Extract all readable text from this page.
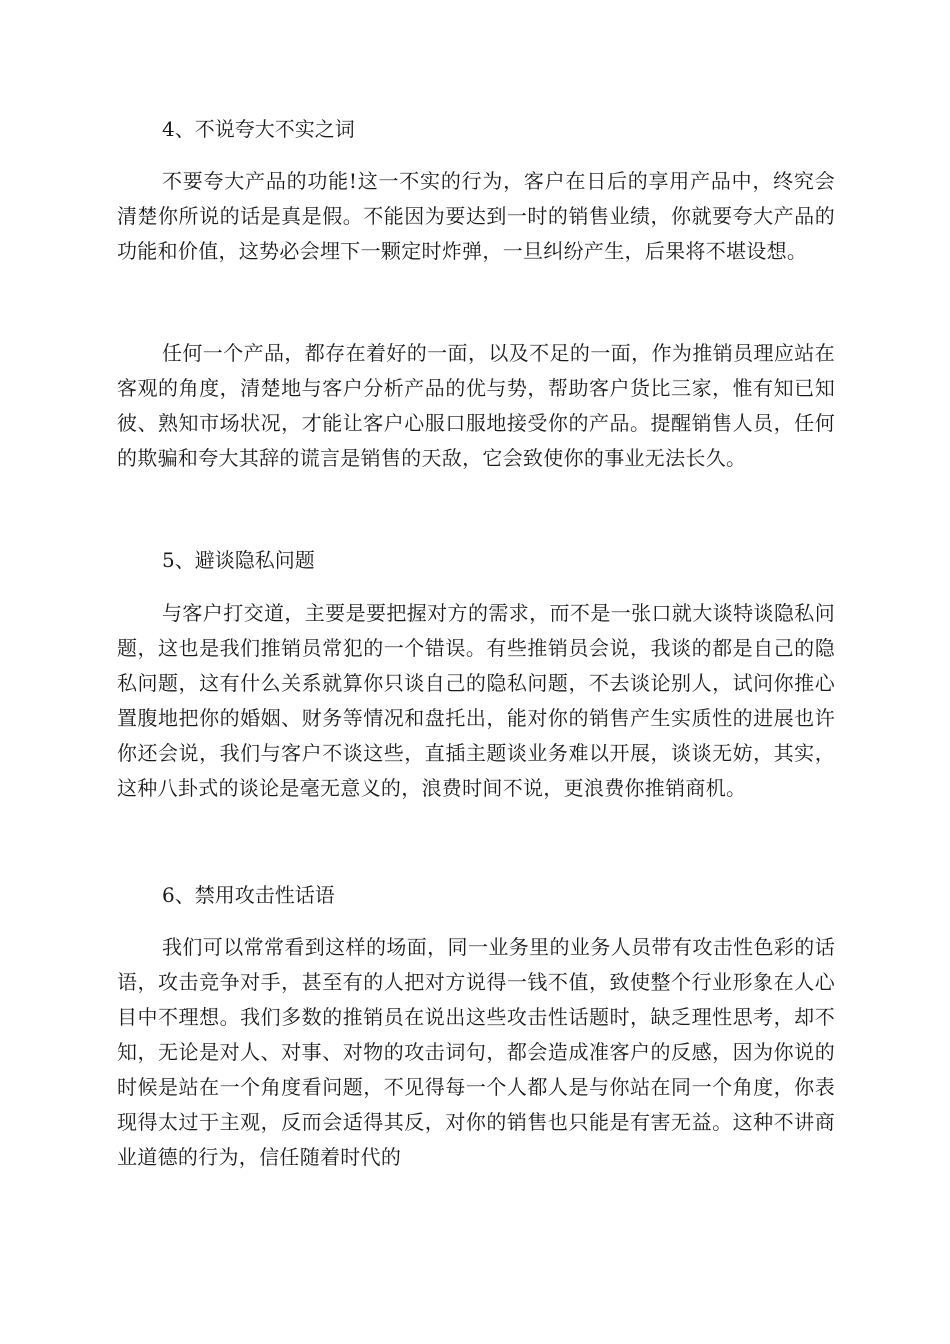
4、不说夸大不实之词
不要夸大产品的功能!这一不实的行为，客户在日后的享用产品中，终究会清楚你所说的话是真是假。不能因为要达到一时的销售业绩，你就要夸大产品的功能和价值，这势必会埋下一颗定时炸弹，一旦纠纷产生，后果将不堪设想。
任何一个产品，都存在着好的一面，以及不足的一面，作为推销员理应站在客观的角度，清楚地与客户分析产品的优与势，帮助客户货比三家，惟有知已知彼、熟知市场状况，才能让客户心服口服地接受你的产品。提醒销售人员，任何的欺骗和夸大其辞的谎言是销售的天敌，它会致使你的事业无法长久。
5、避谈隐私问题
与客户打交道，主要是要把握对方的需求，而不是一张口就大谈特谈隐私问题，这也是我们推销员常犯的一个错误。有些推销员会说，我谈的都是自己的隐私问题，这有什么关系就算你只谈自己的隐私问题，不去谈论别人，试问你推心置腹地把你的婚姻、财务等情况和盘托出，能对你的销售产生实质性的进展也许你还会说，我们与客户不谈这些，直插主题谈业务难以开展，谈谈无妨，其实，这种八卦式的谈论是毫无意义的，浪费时间不说，更浪费你推销商机。
6、禁用攻击性话语
我们可以常常看到这样的场面，同一业务里的业务人员带有攻击性色彩的话语，攻击竞争对手，甚至有的人把对方说得一钱不值，致使整个行业形象在人心目中不理想。我们多数的推销员在说出这些攻击性话题时，缺乏理性思考，却不知，无论是对人、对事、对物的攻击词句，都会造成准客户的反感，因为你说的时候是站在一个角度看问题，不见得每一个人都人是与你站在同一个角度，你表现得太过于主观，反而会适得其反，对你的销售也只能是有害无益。这种不讲商业道德的行为，信任随着时代的
